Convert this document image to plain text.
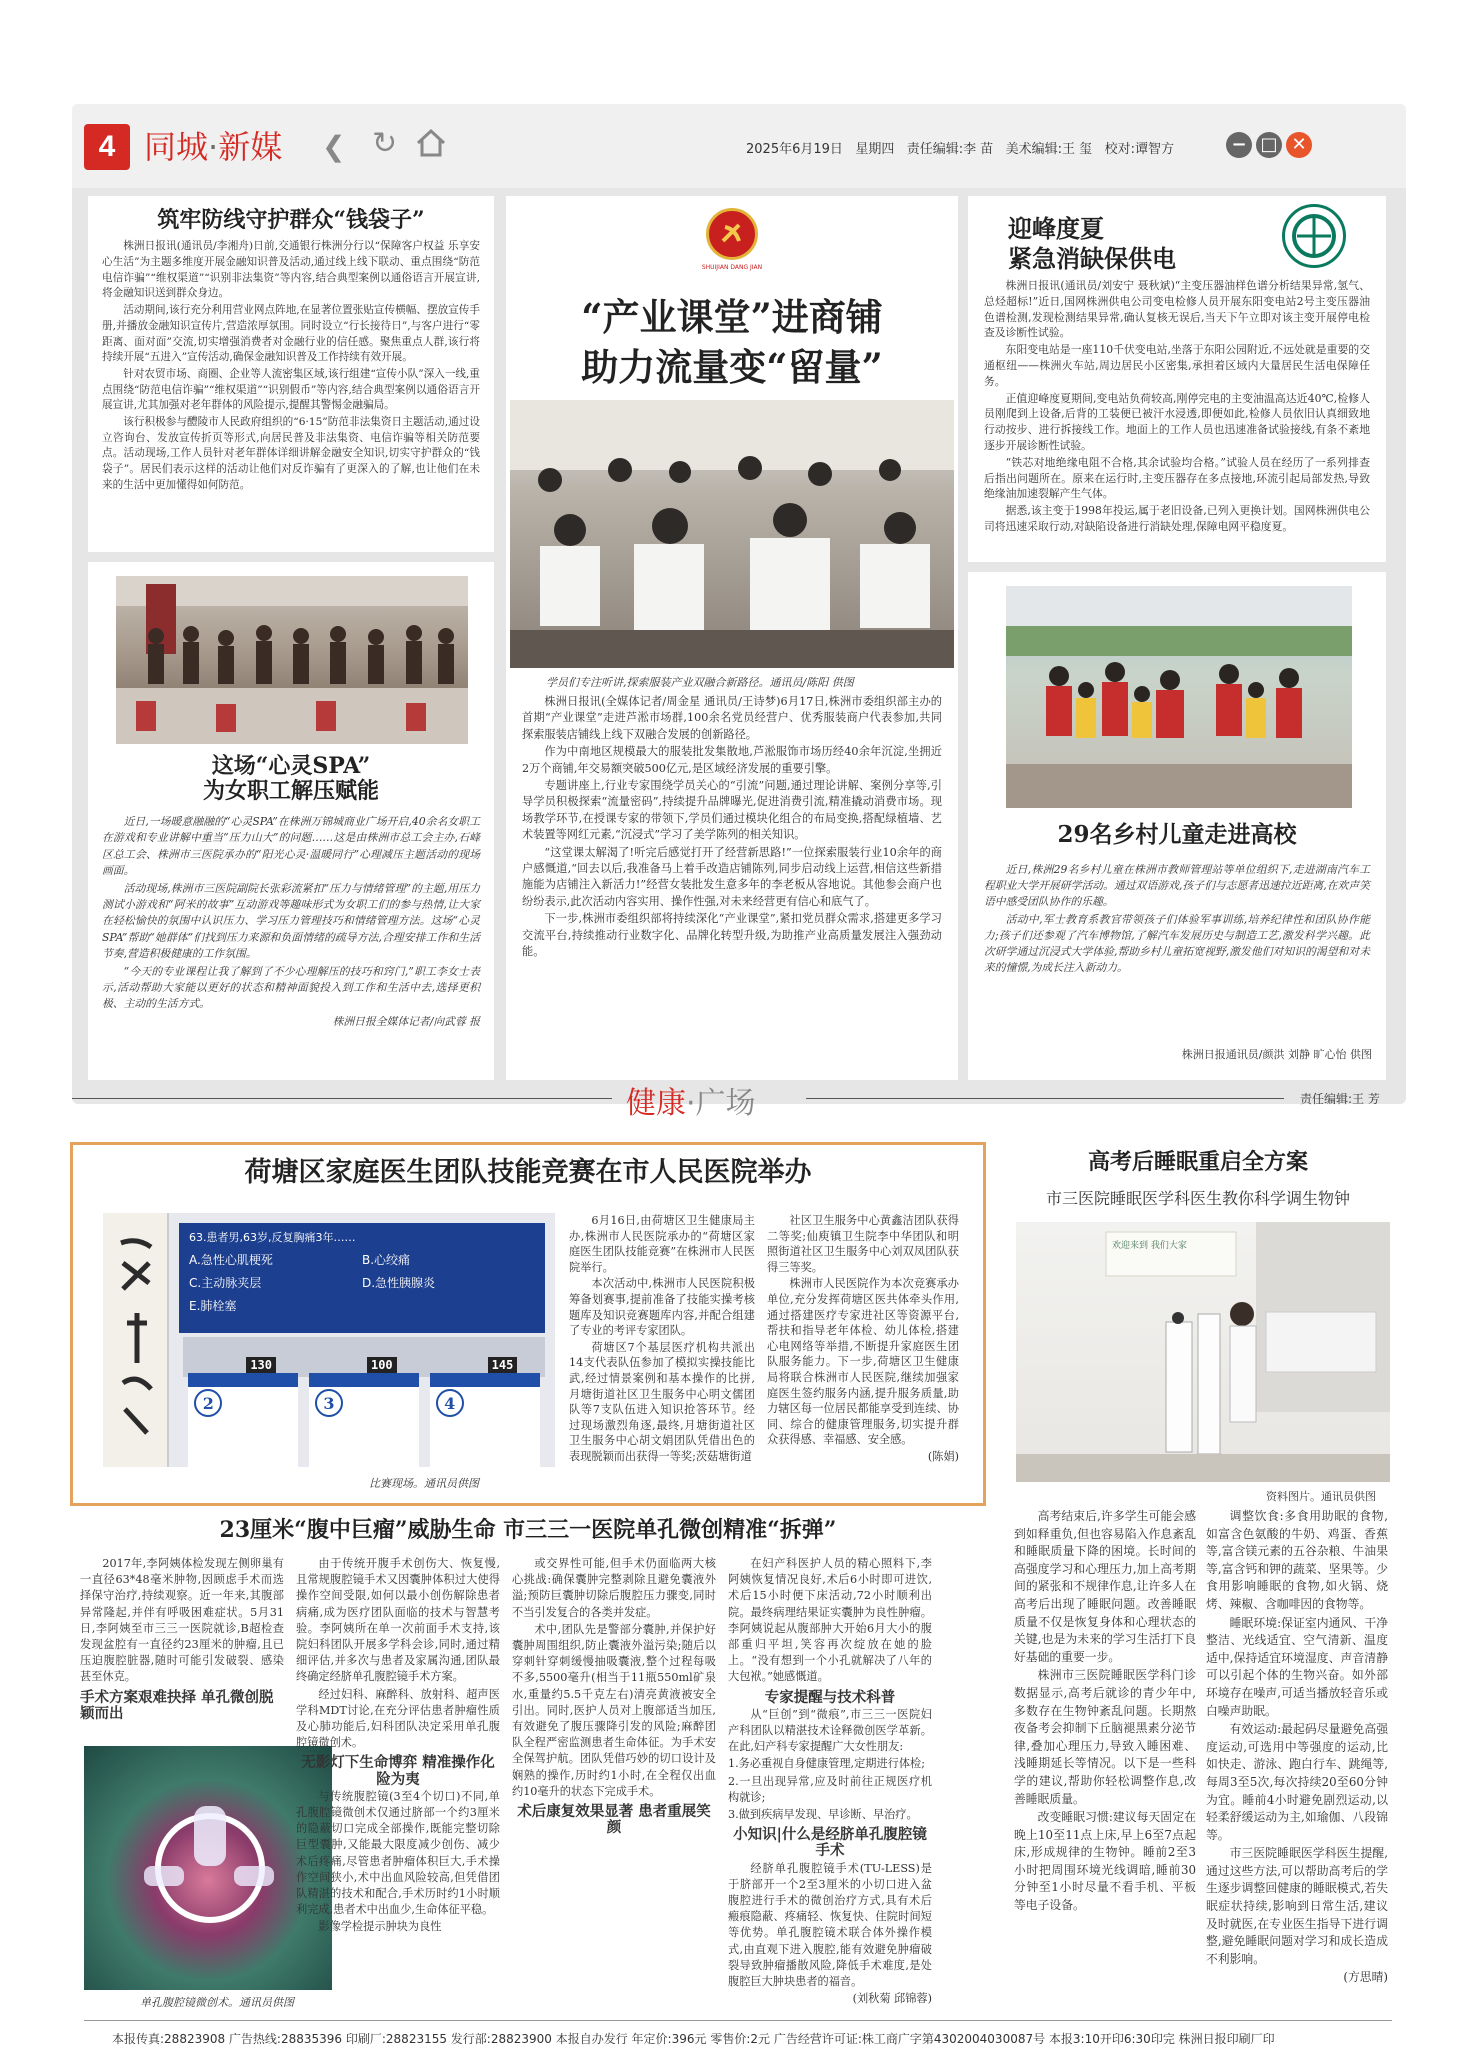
4 同城·新媒 ❮ ↻	2025年6月19日 星期四 责任编辑:李 苗 美术编辑:王 玺 校对:谭智方	− □ ✕
筑牢防线守护群众“钱袋子”

株洲日报讯(通讯员/李湘舟)日前,交通银行株洲分行以“保障客户权益 乐享安心生活”为主题多维度开展金融知识普及活动,通过线上线下联动、重点围绕“防范电信诈骗”“维权渠道”“识别非法集资”等内容,结合典型案例以通俗语言开展宣讲,将金融知识送到群众身边。

活动期间,该行充分利用营业网点阵地,在显著位置张贴宣传横幅、摆放宣传手册,并播放金融知识宣传片,营造浓厚氛围。同时设立“行长接待日”,与客户进行“零距离、面对面”交流,切实增强消费者对金融行业的信任感。聚焦重点人群,该行将持续开展“五进入”宣传活动,确保金融知识普及工作持续有效开展。

针对农贸市场、商圈、企业等人流密集区域,该行组建“宣传小队”深入一线,重点围绕“防范电信诈骗”“维权渠道”“识别假币”等内容,结合典型案例以通俗语言开展宣讲,尤其加强对老年群体的风险提示,提醒其警惕金融骗局。

该行积极参与醴陵市人民政府组织的“6·15”防范非法集资日主题活动,通过设立咨询台、发放宣传折页等形式,向居民普及非法集资、电信诈骗等相关防范要点。活动现场,工作人员针对老年群体详细讲解金融安全知识,切实守护群众的“钱袋子”。居民们表示这样的活动让他们对反诈骗有了更深入的了解,也让他们在未来的生活中更加懂得如何防范。

这场“心灵SPA”
为女职工解压赋能

近日,一场暖意融融的“心灵SPA”在株洲万锦城商业广场开启,40余名女职工在游戏和专业讲解中重当“压力山大”的问题……这是由株洲市总工会主办,石峰区总工会、株洲市三医院承办的“阳光心灵·温暖同行”心理减压主题活动的现场画面。

活动现场,株洲市三医院副院长张彩流紧扣“压力与情绪管理”的主题,用压力测试小游戏和“阿米的故事”互动游戏等趣味形式为女职工们的参与热情,让大家在轻松愉快的氛围中认识压力、学习压力管理技巧和情绪管理方法。这场“心灵SPA”帮助“她群体”们找到压力来源和负面情绪的疏导方法,合理安排工作和生活节奏,营造积极健康的工作氛围。

“今天的专业课程让我了解到了不少心理解压的技巧和窍门,”职工李女士表示,活动帮助大家能以更好的状态和精神面貌投入到工作和生活中去,选择更积极、主动的生活方式。

株洲日报全媒体记者/向武蓉 报

SHUIJIAN DANG JIAN
“产业课堂”进商铺
助力流量变“留量”
学员们专注听讲,探索服装产业双融合新路径。通讯员/陈阳 供图

株洲日报讯(全媒体记者/周金星 通讯员/王诗梦)6月17日,株洲市委组织部主办的首期“产业课堂”走进芦淞市场群,100余名党员经营户、优秀服装商户代表参加,共同探索服装店铺线上线下双融合发展的创新路径。

作为中南地区规模最大的服装批发集散地,芦淞服饰市场历经40余年沉淀,坐拥近2万个商铺,年交易额突破500亿元,是区域经济发展的重要引擎。

专题讲座上,行业专家围绕学员关心的“引流”问题,通过理论讲解、案例分享等,引导学员积极探索“流量密码”,持续提升品牌曝光,促进消费引流,精准撬动消费市场。现场教学环节,在授课专家的带领下,学员们通过模块化组合的布局变换,搭配绿植墙、艺术装置等网红元素,“沉浸式”学习了美学陈列的相关知识。

“这堂课太解渴了!听完后感觉打开了经营新思路!”一位探索服装行业10余年的商户感慨道,“回去以后,我准备马上着手改造店铺陈列,同步启动线上运营,相信这些新措施能为店铺注入新活力!”经营女装批发生意多年的李老板从容地说。其他参会商户也纷纷表示,此次活动内容实用、操作性强,对未来经营更有信心和底气了。

下一步,株洲市委组织部将持续深化“产业课堂”,紧扣党员群众需求,搭建更多学习交流平台,持续推动行业数字化、品牌化转型升级,为助推产业高质量发展注入强劲动能。

迎峰度夏
紧急消缺保供电

株洲日报讯(通讯员/刘安宁 聂秋斌)“主变压器油样色谱分析结果异常,氢气、总烃超标!”近日,国网株洲供电公司变电检修人员开展东阳变电站2号主变压器油色谱检测,发现检测结果异常,确认复核无误后,当天下午立即对该主变开展停电检查及诊断性试验。

东阳变电站是一座110千伏变电站,坐落于东阳公园附近,不远处就是重要的交通枢纽——株洲火车站,周边居民小区密集,承担着区域内大量居民生活电保障任务。

正值迎峰度夏期间,变电站负荷较高,刚停完电的主变油温高达近40℃,检修人员刚爬到上设备,后背的工装便已被汗水浸透,即便如此,检修人员依旧认真细致地行动按步、进行拆接线工作。地面上的工作人员也迅速准备试验接线,有条不紊地逐步开展诊断性试验。

“铁芯对地绝缘电阻不合格,其余试验均合格。”试验人员在经历了一系列排查后指出问题所在。原来在运行时,主变压器存在多点接地,环流引起局部发热,导致绝缘油加速裂解产生气体。

据悉,该主变于1998年投运,属于老旧设备,已列入更换计划。国网株洲供电公司将迅速采取行动,对缺陷设备进行消缺处理,保障电网平稳度夏。

29名乡村儿童走进高校

近日,株洲29名乡村儿童在株洲市教师管理站等单位组织下,走进湖南汽车工程职业大学开展研学活动。通过双语游戏,孩子们与志愿者迅速拉近距离,在欢声笑语中感受团队协作的乐趣。

活动中,军士教育系教官带领孩子们体验军事训练,培养纪律性和团队协作能力;孩子们还参观了汽车博物馆,了解汽车发展历史与制造工艺,激发科学兴趣。此次研学通过沉浸式大学体验,帮助乡村儿童拓宽视野,激发他们对知识的渴望和对未来的憧憬,为成长注入新动力。

株洲日报通讯员/颜洪 刘静 旷心怡 供图
健康·广场	责任编辑:王 芳
荷塘区家庭医生团队技能竞赛在市人民医院举办
63.患者男,63岁,反复胸痛3年……
A.急性心肌梗死	B.心绞痛
C.主动脉夹层	D.急性胰腺炎
E.肺栓塞
2
130
3
100
4
145
比赛现场。通讯员供图

6月16日,由荷塘区卫生健康局主办,株洲市人民医院承办的“荷塘区家庭医生团队技能竞赛”在株洲市人民医院举行。

本次活动中,株洲市人民医院积极筹备划赛事,提前准备了技能实操考核题库及知识竞赛题库内容,并配合组建了专业的考评专家团队。

荷塘区7个基层医疗机构共派出14支代表队伍参加了模拟实操技能比武,经过情景案例和基本操作的比拼,月塘街道社区卫生服务中心明文儒团队等7支队伍进入知识抢答环节。经过现场激烈角逐,最终,月塘街道社区卫生服务中心胡文娟团队凭借出色的表现脱颖而出获得一等奖;茨菇塘街道

社区卫生服务中心黄鑫洁团队获得二等奖;仙庾镇卫生院李中华团队和明照街道社区卫生服务中心刘双凤团队获得三等奖。

株洲市人民医院作为本次竞赛承办单位,充分发挥荷塘区医共体牵头作用,通过搭建医疗专家进社区等资源平台,帮扶和指导老年体检、幼儿体检,搭建心电网络等举措,不断提升家庭医生团队服务能力。下一步,荷塘区卫生健康局将联合株洲市人民医院,继续加强家庭医生签约服务内涵,提升服务质量,助力辖区每一位居民都能享受到连续、协同、综合的健康管理服务,切实提升群众获得感、幸福感、安全感。

(陈娟)

高考后睡眠重启全方案
市三医院睡眠医学科医生教你科学调生物钟
欢迎来到 我们大家
资料图片。通讯员供图

高考结束后,许多学生可能会感到如释重负,但也容易陷入作息紊乱和睡眠质量下降的困境。长时间的高强度学习和心理压力,加上高考期间的紧张和不规律作息,让许多人在高考后出现了睡眠问题。改善睡眠质量不仅是恢复身体和心理状态的关键,也是为未来的学习生活打下良好基础的重要一步。

株洲市三医院睡眠医学科门诊数据显示,高考后就诊的青少年中,多数存在生物钟紊乱问题。长期熬夜备考会抑制下丘脑褪黑素分泌节律,叠加心理压力,导致入睡困难、浅睡期延长等情况。以下是一些科学的建议,帮助你轻松调整作息,改善睡眠质量。

改变睡眠习惯:建议每天固定在晚上10至11点上床,早上6至7点起床,形成规律的生物钟。睡前2至3小时把周围环境光线调暗,睡前30分钟至1小时尽量不看手机、平板等电子设备。

调整饮食:多食用助眠的食物,如富含色氨酸的牛奶、鸡蛋、香蕉等,富含镁元素的五谷杂粮、牛油果等,富含钙和钾的蔬菜、坚果等。少食用影响睡眠的食物,如火锅、烧烤、辣椒、含咖啡因的食物等。

睡眠环境:保证室内通风、干净整洁、光线适宜、空气清新、温度适中,保持适宜环境湿度、声音清静可以引起个体的生物兴奋。如外部环境存在噪声,可适当播放轻音乐或白噪声助眠。

有效运动:最起码尽量避免高强度运动,可选用中等强度的运动,比如快走、游泳、跑白行车、跳绳等,每周3至5次,每次持续20至60分钟为宜。睡前4小时避免剧烈运动,以轻柔舒缓运动为主,如瑜伽、八段锦等。

市三医院睡眠医学科医生提醒,通过这些方法,可以帮助高考后的学生逐步调整回健康的睡眠模式,若失眠症状持续,影响到日常生活,建议及时就医,在专业医生指导下进行调整,避免睡眠问题对学习和成长造成不利影响。

(方思晴)

23厘米“腹中巨瘤”威胁生命 市三三一医院单孔微创精准“拆弹”

2017年,李阿姨体检发现左侧卵巢有一直径63*48毫米肿物,因顾虑手术而选择保守治疗,持续观察。近一年来,其腹部异常隆起,并伴有呼吸困难症状。5月31日,李阿姨至市三三一医院就诊,B超检查发现盆腔有一直径约23厘米的肿瘤,且已压迫腹腔脏器,随时可能引发破裂、感染甚至休克。

手术方案艰难抉择 单孔微创脱颖而出

单孔腹腔镜微创术。通讯员供图

由于传统开腹手术创伤大、恢复慢,且常规腹腔镜手术又因囊肿体积过大使得操作空间受限,如何以最小创伤解除患者病痛,成为医疗团队面临的技术与智慧考验。李阿姨所在单一次前面手术支持,该院妇科团队开展多学科会诊,同时,通过精细评估,并多次与患者及家属沟通,团队最终确定经脐单孔腹腔镜手术方案。

经过妇科、麻醉科、放射科、超声医学科MDT讨论,在充分评估患者肿瘤性质及心肺功能后,妇科团队决定采用单孔腹腔镜微创术。

无影灯下生命博弈 精准操作化险为夷

与传统腹腔镜(3至4个切口)不同,单孔腹腔镜微创术仅通过脐部一个约3厘米的隐蔽切口完成全部操作,既能完整切除巨型囊肿,又能最大限度减少创伤、减少术后疼痛,尽管患者肿瘤体积巨大,手术操作空间狭小,术中出血风险较高,但凭借团队精湛的技术和配合,手术历时约1小时顺利完成,患者术中出血少,生命体征平稳。

影像学检提示肿块为良性

或交界性可能,但手术仍面临两大核心挑战:确保囊肿完整剥除且避免囊液外溢;预防巨囊肿切除后腹腔压力骤变,同时不当引发复合的各类并发症。

术中,团队先是警部分囊肿,并保护好囊肿周围组织,防止囊液外溢污染;随后以穿刺针穿刺缓慢抽吸囊液,整个过程每吸不多,5500毫升(相当于11瓶550ml矿泉水,重量约5.5千克左右)清亮黄液被安全引出。同时,医护人员对上腹部适当加压,有效避免了腹压骤降引发的风险;麻醉团队全程严密监测患者生命体征。为手术安全保驾护航。团队凭借巧妙的切口设计及娴熟的操作,历时约1小时,在全程仅出血约10毫升的状态下完成手术。

术后康复效果显著 患者重展笑颜

在妇产科医护人员的精心照料下,李阿姨恢复情况良好,术后6小时即可进饮,术后15小时便下床活动,72小时顺利出院。最终病理结果证实囊肿为良性肿瘤。李阿姨说起从腹部肿大开始6月大小的腹部重归平坦,笑容再次绽放在她的脸上。“没有想到一个小孔就解决了八年的大包袱。”她感慨道。

专家提醒与技术科普

从“巨创”到“微痕”,市三三一医院妇产科团队以精湛技术诠释微创医学革新。在此,妇产科专家提醒广大女性朋友:

1.务必重视自身健康管理,定期进行体检;

2.一旦出现异常,应及时前往正规医疗机构就诊;

3.做到疾病早发现、早诊断、早治疗。

小知识|什么是经脐单孔腹腔镜手术

经脐单孔腹腔镜手术(TU-LESS)是于脐部开一个2至3厘米的小切口进入盆腹腔进行手术的微创治疗方式,具有术后瘢痕隐蔽、疼痛轻、恢复快、住院时间短等优势。单孔腹腔镜术联合体外操作模式,由直观下进入腹腔,能有效避免肿瘤破裂导致肿瘤播散风险,降低手术难度,是处腹腔巨大肿块患者的福音。

(刘秋菊 邱锦蓉)

本报传真:28823908 广告热线:28835396 印刷厂:28823155 发行部:28823900 本报自办发行 年定价:396元 零售价:2元 广告经营许可证:株工商广字第4302004030087号 本报3:10开印6:30印完 株洲日报印刷厂印
